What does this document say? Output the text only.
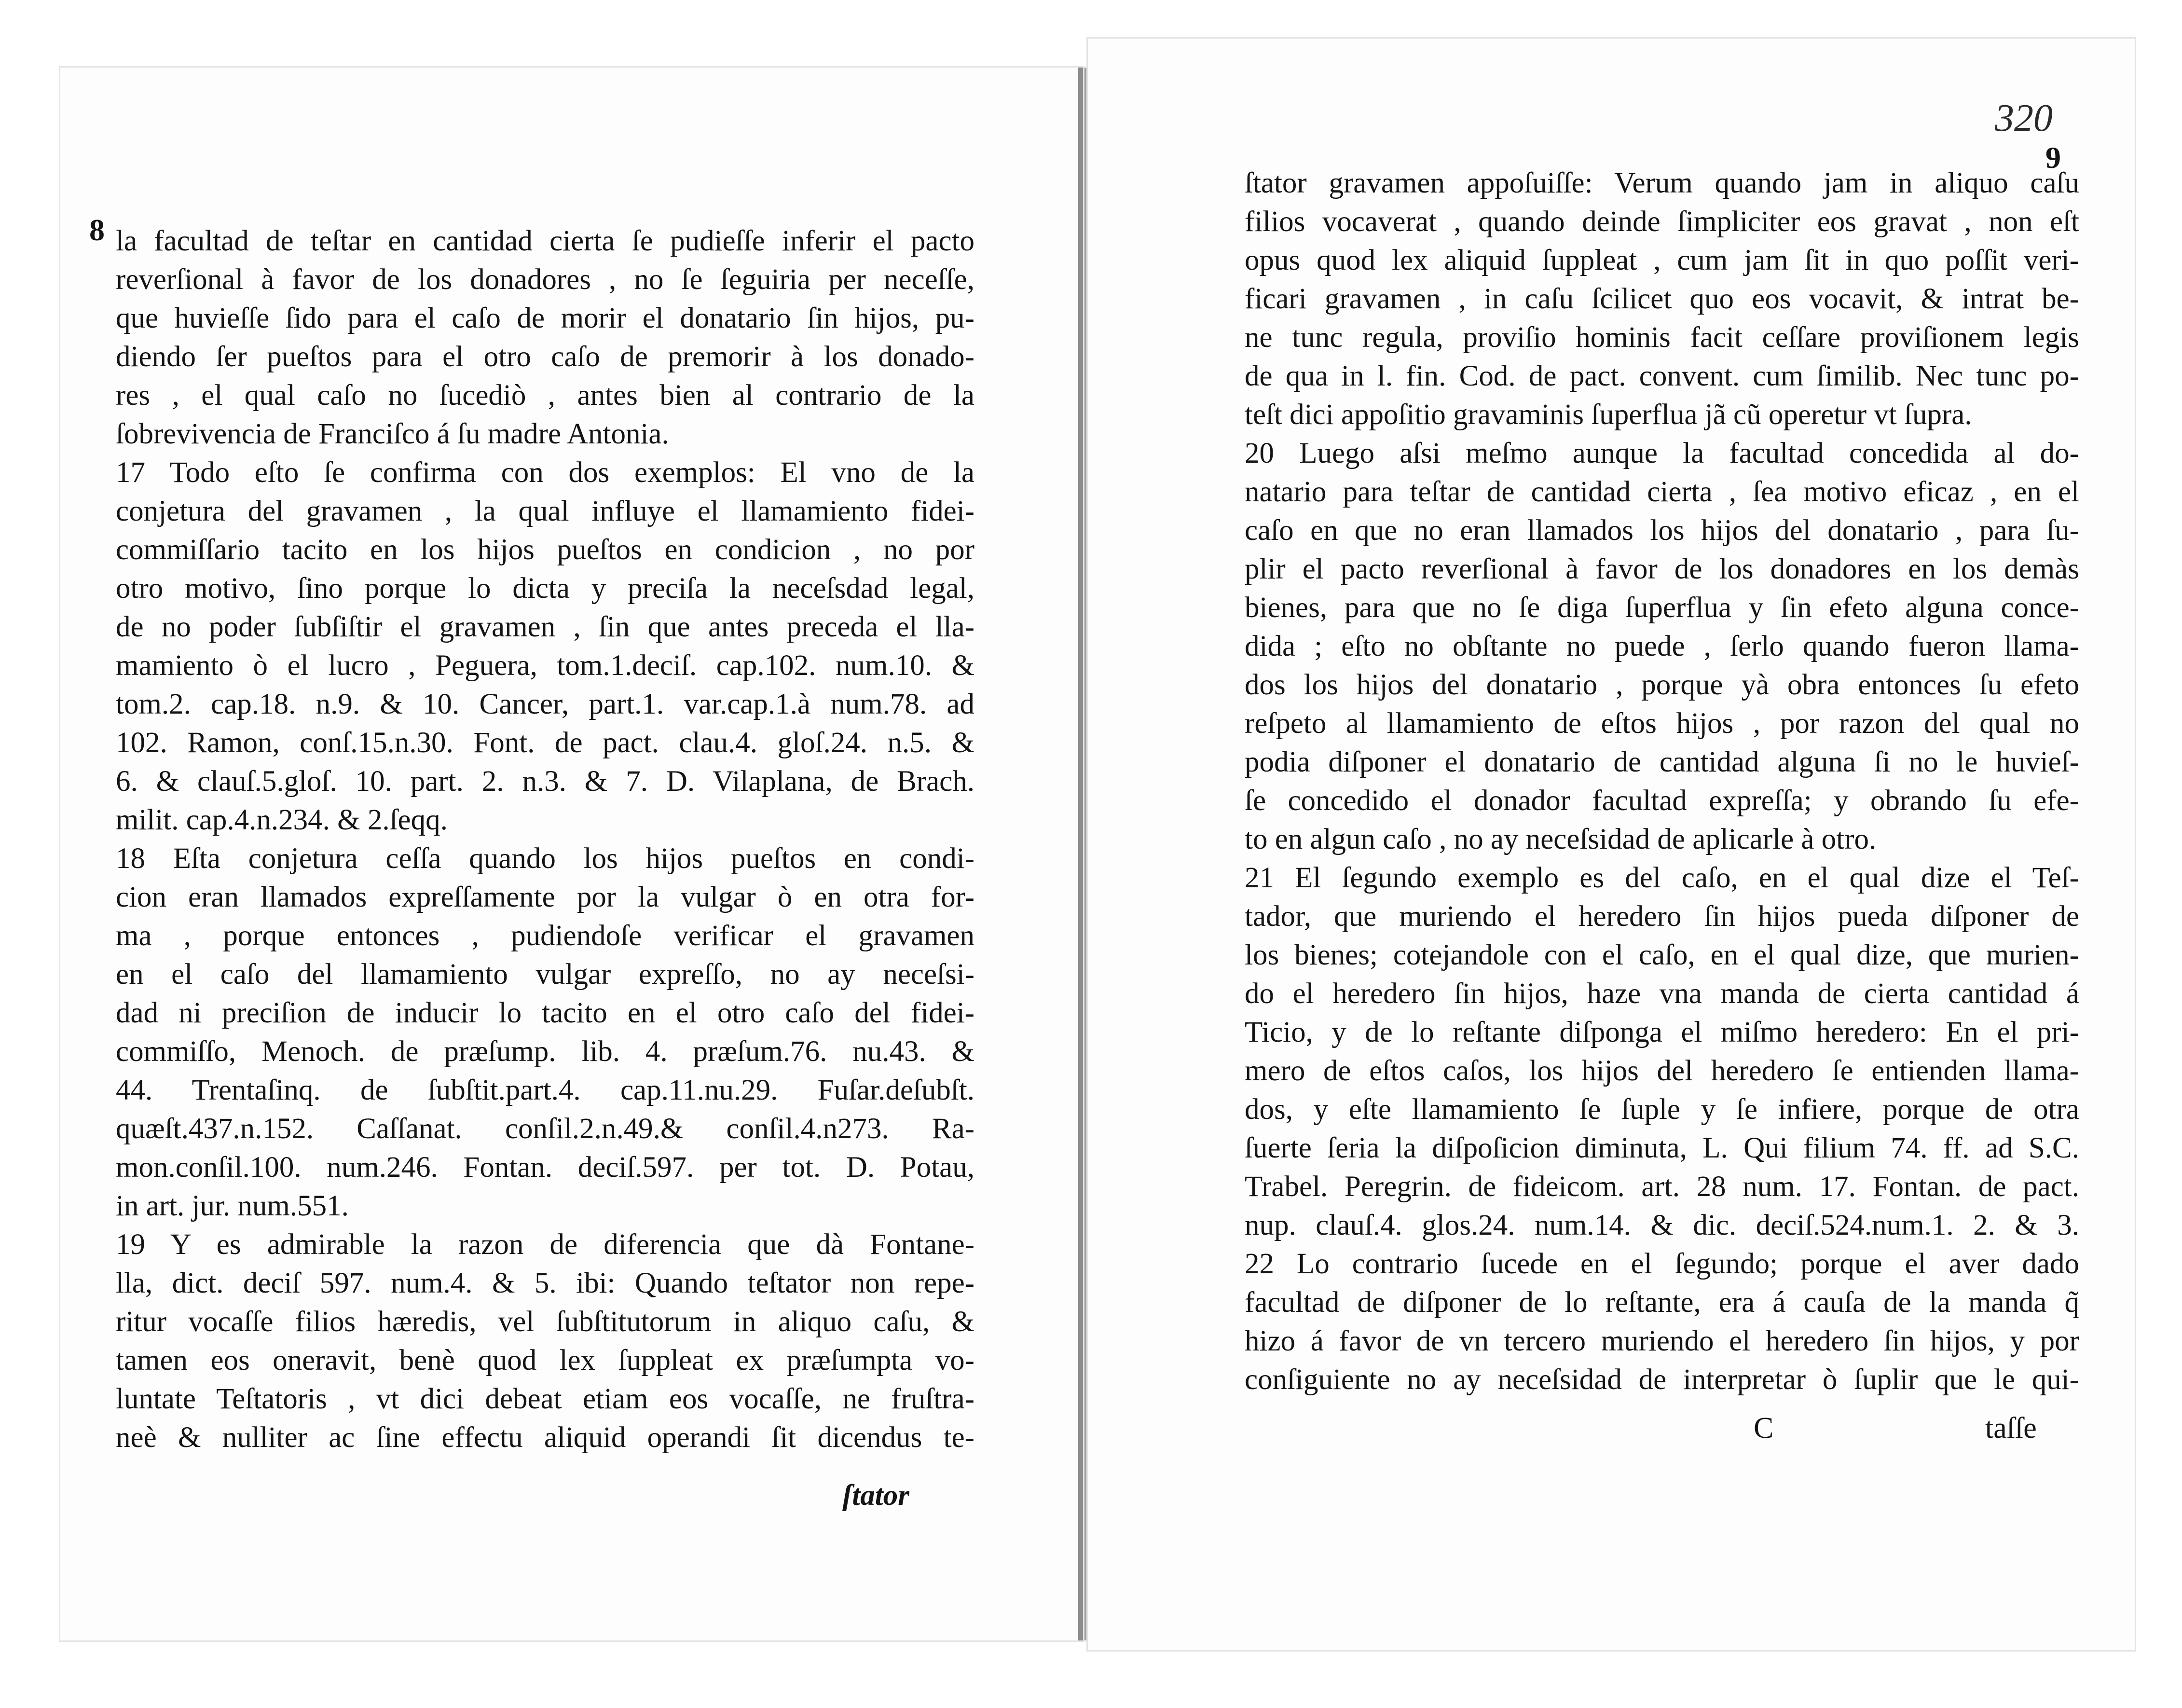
8 la facultad de teſtar en cantidad cierta ſe pudieſſe inferir el pacto
reverſional à favor de los donadores , no ſe ſeguiria per neceſſe,
que huvieſſe ſido para el caſo de morir el donatario ſin hijos, pu-
diendo ſer pueſtos para el otro caſo de premorir à los donado-
res , el qual caſo no ſucediò , antes bien al contrario de la
ſobrevivencia de Franciſco á ſu madre Antonia.
17 Todo eſto ſe confirma con dos exemplos: El vno de la
conjetura del gravamen , la qual influye el llamamiento fidei-
commiſſario tacito en los hijos pueſtos en condicion , no por
otro motivo, ſino porque lo dicta y preciſa la neceſsdad legal,
de no poder ſubſiſtir el gravamen , ſin que antes preceda el lla-
mamiento ò el lucro , Peguera, tom.1.deciſ. cap.102. num.10. &
tom.2. cap.18. n.9. & 10. Cancer, part.1. var.cap.1.à num.78. ad
102. Ramon, conſ.15.n.30. Font. de pact. clau.4. gloſ.24. n.5. &
6. & clauſ.5.gloſ. 10. part. 2. n.3. & 7. D. Vilaplana, de Brach.
milit. cap.4.n.234. & 2.ſeqq.
18 Eſta conjetura ceſſa quando los hijos pueſtos en condi-
cion eran llamados expreſſamente por la vulgar ò en otra for-
ma , porque entonces , pudiendoſe verificar el gravamen
en el caſo del llamamiento vulgar expreſſo, no ay neceſsi-
dad ni preciſion de inducir lo tacito en el otro caſo del fidei-
commiſſo, Menoch. de præſump. lib. 4. præſum.76. nu.43. &
44. Trentaſinq. de ſubſtit.part.4. cap.11.nu.29. Fuſar.deſubſt.
quæſt.437.n.152. Caſſanat. conſil.2.n.49.& conſil.4.n273. Ra-
mon.conſil.100. num.246. Fontan. deciſ.597. per tot. D. Potau,
in art. jur. num.551.
19 Y es admirable la razon de diferencia que dà Fontane-
lla, dict. deciſ 597. num.4. & 5. ibi: Quando teſtator non repe-
ritur vocaſſe filios hæredis, vel ſubſtitutorum in aliquo caſu, &
tamen eos oneravit, benè quod lex ſuppleat ex præſumpta vo-
luntate Teſtatoris , vt dici debeat etiam eos vocaſſe, ne fruſtra-
neè & nulliter ac ſine effectu aliquid operandi ſit dicendus te-
ſtator
320
9
ſtator gravamen appoſuiſſe: Verum quando jam in aliquo caſu
filios vocaverat , quando deinde ſimpliciter eos gravat , non eſt
opus quod lex aliquid ſuppleat , cum jam ſit in quo poſſit veri-
ficari gravamen , in caſu ſcilicet quo eos vocavit, & intrat be-
ne tunc regula, proviſio hominis facit ceſſare proviſionem legis
de qua in l. fin. Cod. de pact. convent. cum ſimilib. Nec tunc po-
teſt dici appoſitio gravaminis ſuperflua jã cũ operetur vt ſupra.
20 Luego aſsi meſmo aunque la facultad concedida al do-
natario para teſtar de cantidad cierta , ſea motivo eficaz , en el
caſo en que no eran llamados los hijos del donatario , para ſu-
plir el pacto reverſional à favor de los donadores en los demàs
bienes, para que no ſe diga ſuperflua y ſin efeto alguna conce-
dida ; eſto no obſtante no puede , ſerlo quando fueron llama-
dos los hijos del donatario , porque yà obra entonces ſu efeto
reſpeto al llamamiento de eſtos hijos , por razon del qual no
podia diſponer el donatario de cantidad alguna ſi no le huvieſ-
ſe concedido el donador facultad expreſſa; y obrando ſu efe-
to en algun caſo , no ay neceſsidad de aplicarle à otro.
21 El ſegundo exemplo es del caſo, en el qual dize el Teſ-
tador, que muriendo el heredero ſin hijos pueda diſponer de
los bienes; cotejandole con el caſo, en el qual dize, que murien-
do el heredero ſin hijos, haze vna manda de cierta cantidad á
Ticio, y de lo reſtante diſponga el miſmo heredero: En el pri-
mero de eſtos caſos, los hijos del heredero ſe entienden llama-
dos, y eſte llamamiento ſe ſuple y ſe infiere, porque de otra
ſuerte ſeria la diſpoſicion diminuta, L. Qui filium 74. ff. ad S.C.
Trabel. Peregrin. de fideicom. art. 28 num. 17. Fontan. de pact.
nup. clauſ.4. glos.24. num.14. & dic. deciſ.524.num.1. 2. & 3.
22 Lo contrario ſucede en el ſegundo; porque el aver dado
facultad de diſponer de lo reſtante, era á cauſa de la manda q̃
hizo á favor de vn tercero muriendo el heredero ſin hijos, y por
conſiguiente no ay neceſsidad de interpretar ò ſuplir que le qui-
C	taſſe
